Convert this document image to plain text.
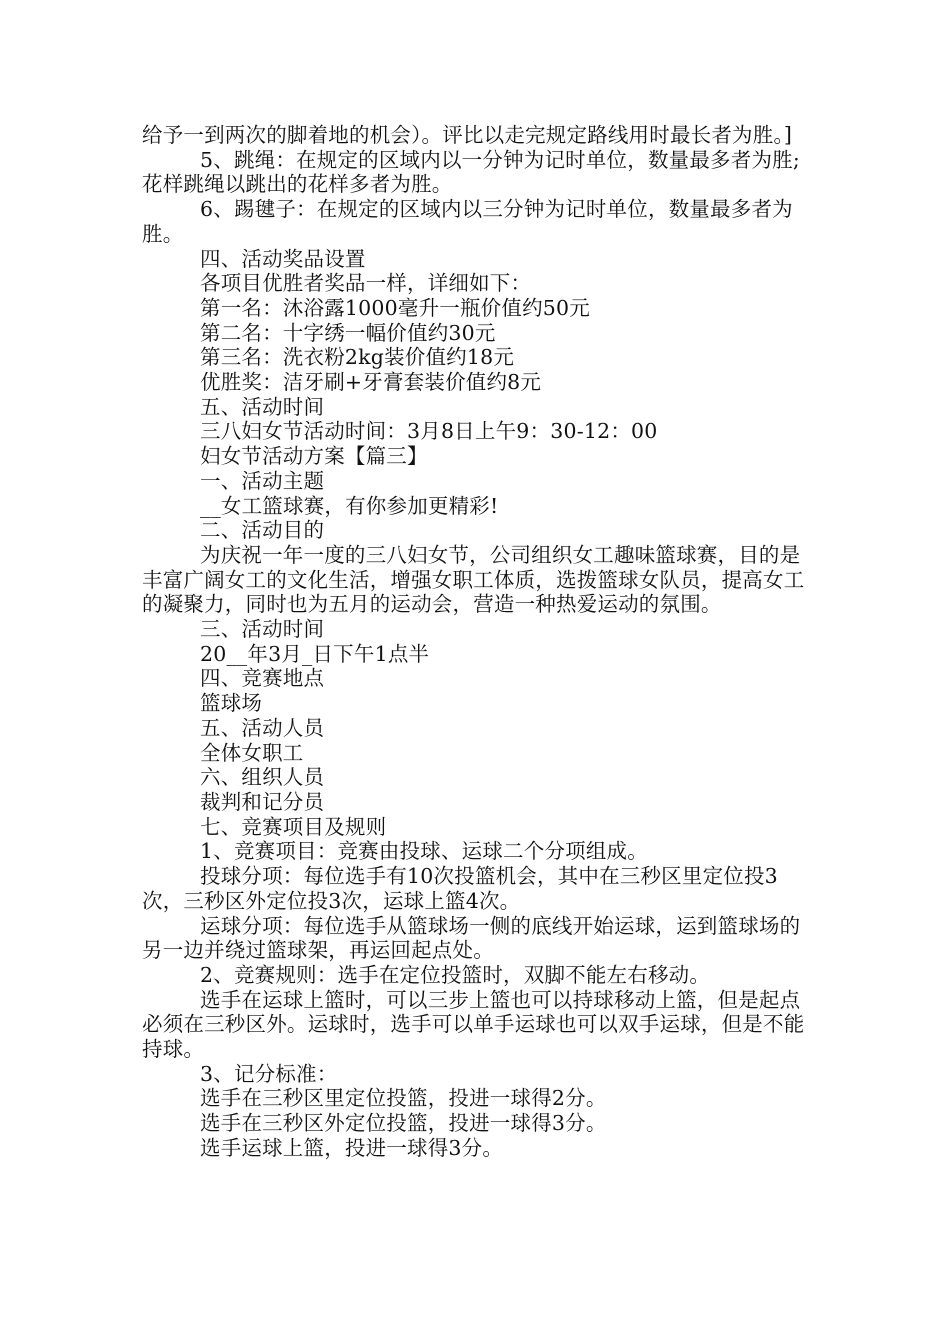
给予一到两次的脚着地的机会）。评比以走完规定路线用时最长者为胜。]

5、跳绳：在规定的区域内以一分钟为记时单位，数量最多者为胜;花样跳绳以跳出的花样多者为胜。

6、踢毽子：在规定的区域内以三分钟为记时单位，数量最多者为胜。

四、活动奖品设置

各项目优胜者奖品一样，详细如下：

第一名：沐浴露1000毫升一瓶价值约50元

第二名：十字绣一幅价值约30元

第三名：洗衣粉2kg装价值约18元

优胜奖：洁牙刷+牙膏套装价值约8元

五、活动时间

三八妇女节活动时间：3月8日上午9：30-12：00

妇女节活动方案【篇三】

一、活动主题

__女工篮球赛，有你参加更精彩!

二、活动目的

为庆祝一年一度的三八妇女节，公司组织女工趣味篮球赛，目的是丰富广阔女工的文化生活，增强女职工体质，选拨篮球女队员，提高女工的凝聚力，同时也为五月的运动会，营造一种热爱运动的氛围。

三、活动时间

20__年3月_日下午1点半

四、竞赛地点

篮球场

五、活动人员

全体女职工

六、组织人员

裁判和记分员

七、竞赛项目及规则

1、竞赛项目：竞赛由投球、运球二个分项组成。

投球分项：每位选手有10次投篮机会，其中在三秒区里定位投3次，三秒区外定位投3次，运球上篮4次。

运球分项：每位选手从篮球场一侧的底线开始运球，运到篮球场的另一边并绕过篮球架，再运回起点处。

2、竞赛规则：选手在定位投篮时，双脚不能左右移动。

选手在运球上篮时，可以三步上篮也可以持球移动上篮，但是起点必须在三秒区外。运球时，选手可以单手运球也可以双手运球，但是不能持球。

3、记分标准：

选手在三秒区里定位投篮，投进一球得2分。

选手在三秒区外定位投篮，投进一球得3分。

选手运球上篮，投进一球得3分。
